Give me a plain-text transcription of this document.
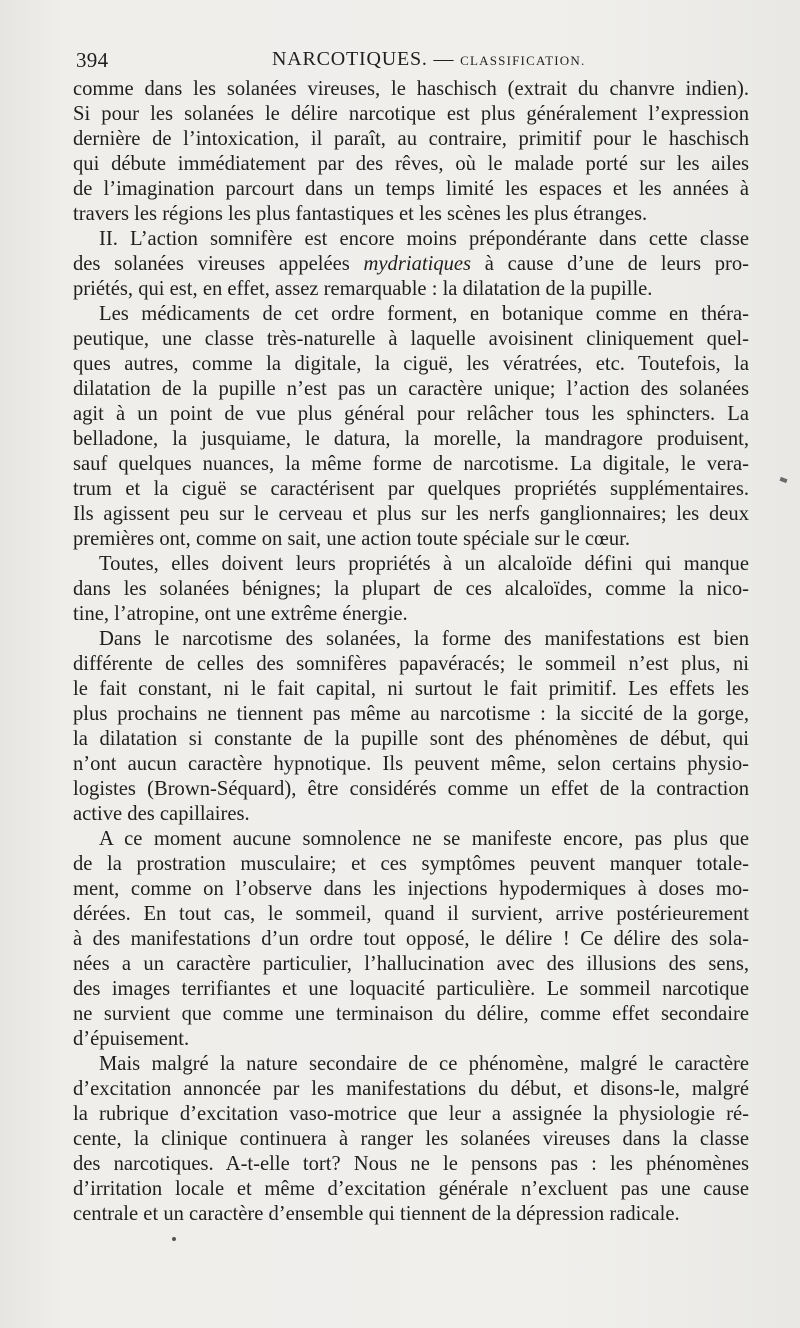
394	NARCOTIQUES. — CLASSIFICATION.
comme dans les solanées vireuses, le haschisch (extrait du chanvre indien).
Si pour les solanées le délire narcotique est plus généralement l’expression
dernière de l’intoxication, il paraît, au contraire, primitif pour le haschisch
qui débute immédiatement par des rêves, où le malade porté sur les ailes
de l’imagination parcourt dans un temps limité les espaces et les années à
travers les régions les plus fantastiques et les scènes les plus étranges.
II. L’action somnifère est encore moins prépondérante dans cette classe
des solanées vireuses appelées mydriatiques à cause d’une de leurs pro-
priétés, qui est, en effet, assez remarquable : la dilatation de la pupille.
Les médicaments de cet ordre forment, en botanique comme en théra-
peutique, une classe très-naturelle à laquelle avoisinent cliniquement quel-
ques autres, comme la digitale, la ciguë, les vératrées, etc. Toutefois, la
dilatation de la pupille n’est pas un caractère unique; l’action des solanées
agit à un point de vue plus général pour relâcher tous les sphincters. La
belladone, la jusquiame, le datura, la morelle, la mandragore produisent,
sauf quelques nuances, la même forme de narcotisme. La digitale, le vera-
trum et la ciguë se caractérisent par quelques propriétés supplémentaires.
Ils agissent peu sur le cerveau et plus sur les nerfs ganglionnaires; les deux
premières ont, comme on sait, une action toute spéciale sur le cœur.
Toutes, elles doivent leurs propriétés à un alcaloïde défini qui manque
dans les solanées bénignes; la plupart de ces alcaloïdes, comme la nico-
tine, l’atropine, ont une extrême énergie.
Dans le narcotisme des solanées, la forme des manifestations est bien
différente de celles des somnifères papavéracés; le sommeil n’est plus, ni
le fait constant, ni le fait capital, ni surtout le fait primitif. Les effets les
plus prochains ne tiennent pas même au narcotisme : la siccité de la gorge,
la dilatation si constante de la pupille sont des phénomènes de début, qui
n’ont aucun caractère hypnotique. Ils peuvent même, selon certains physio-
logistes (Brown-Séquard), être considérés comme un effet de la contraction
active des capillaires.
A ce moment aucune somnolence ne se manifeste encore, pas plus que
de la prostration musculaire; et ces symptômes peuvent manquer totale-
ment, comme on l’observe dans les injections hypodermiques à doses mo-
dérées. En tout cas, le sommeil, quand il survient, arrive postérieurement
à des manifestations d’un ordre tout opposé, le délire ! Ce délire des sola-
nées a un caractère particulier, l’hallucination avec des illusions des sens,
des images terrifiantes et une loquacité particulière. Le sommeil narcotique
ne survient que comme une terminaison du délire, comme effet secondaire
d’épuisement.
Mais malgré la nature secondaire de ce phénomène, malgré le caractère
d’excitation annoncée par les manifestations du début, et disons-le, malgré
la rubrique d’excitation vaso-motrice que leur a assignée la physiologie ré-
cente, la clinique continuera à ranger les solanées vireuses dans la classe
des narcotiques. A-t-elle tort? Nous ne le pensons pas : les phénomènes
d’irritation locale et même d’excitation générale n’excluent pas une cause
centrale et un caractère d’ensemble qui tiennent de la dépression radicale.
